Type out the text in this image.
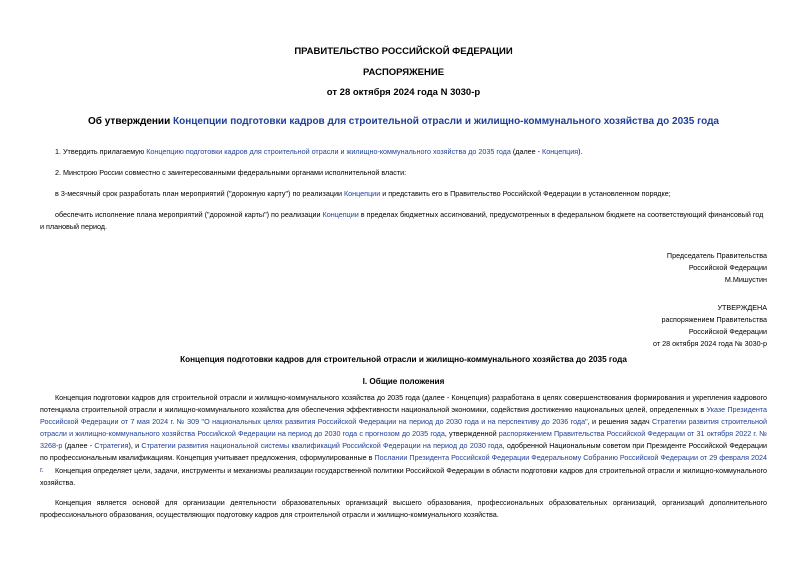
ПРАВИТЕЛЬСТВО РОССИЙСКОЙ ФЕДЕРАЦИИ
РАСПОРЯЖЕНИЕ
от 28 октября 2024 года N 3030-р
Об утверждении Концепции подготовки кадров для строительной отрасли и жилищно-коммунального хозяйства до 2035 года
1. Утвердить прилагаемую Концепцию подготовки кадров для строительной отрасли и жилищно-коммунального хозяйства до 2035 года (далее - Концепция).
2. Минстрою России совместно с заинтересованными федеральными органами исполнительной власти:
в 3-месячный срок разработать план мероприятий ("дорожную карту") по реализации Концепции и представить его в Правительство Российской Федерации в установленном порядке;
обеспечить исполнение плана мероприятий ("дорожной карты") по реализации Концепции в пределах бюджетных ассигнований, предусмотренных в федеральном бюджете на соответствующий финансовый год и плановый период.
Председатель Правительства
Российской Федерации
М.Мишустин
УТВЕРЖДЕНА
распоряжением Правительства
Российской Федерации
от 28 октября 2024 года № 3030-р
Концепция подготовки кадров для строительной отрасли и жилищно-коммунального хозяйства до 2035 года
I. Общие положения
Концепция подготовки кадров для строительной отрасли и жилищно-коммунального хозяйства до 2035 года (далее - Концепция) разработана в целях совершенствования формирования и укрепления кадрового потенциала строительной отрасли и жилищно-коммунального хозяйства для обеспечения эффективности национальной экономики, содействия достижению национальных целей, определенных в Указе Президента Российской Федерации от 7 мая 2024 г. № 309 "О национальных целях развития Российской Федерации на период до 2030 года и на перспективу до 2036 года", и решения задач Стратегии развития строительной отрасли и жилищно-коммунального хозяйства Российской Федерации на период до 2030 года с прогнозом до 2035 года, утвержденной распоряжением Правительства Российской Федерации от 31 октября 2022 г. № 3268-р (далее - Стратегия), и Стратегии развития национальной системы квалификаций Российской Федерации на период до 2030 года, одобренной Национальным советом при Президенте Российской Федерации по профессиональным квалификациям. Концепция учитывает предложения, сформулированные в Послании Президента Российской Федерации Федеральному Собранию Российской Федерации от 29 февраля 2024 г.	Концепция определяет цели, задачи, инструменты и механизмы реализации государственной политики Российской Федерации в области подготовки кадров для строительной отрасли и жилищно-коммунального хозяйства.
Концепция является основой для организации деятельности образовательных организаций высшего образования, профессиональных образовательных организаций, организаций дополнительного профессионального образования, осуществляющих подготовку кадров для строительной отрасли и жилищно-коммунального хозяйства.
